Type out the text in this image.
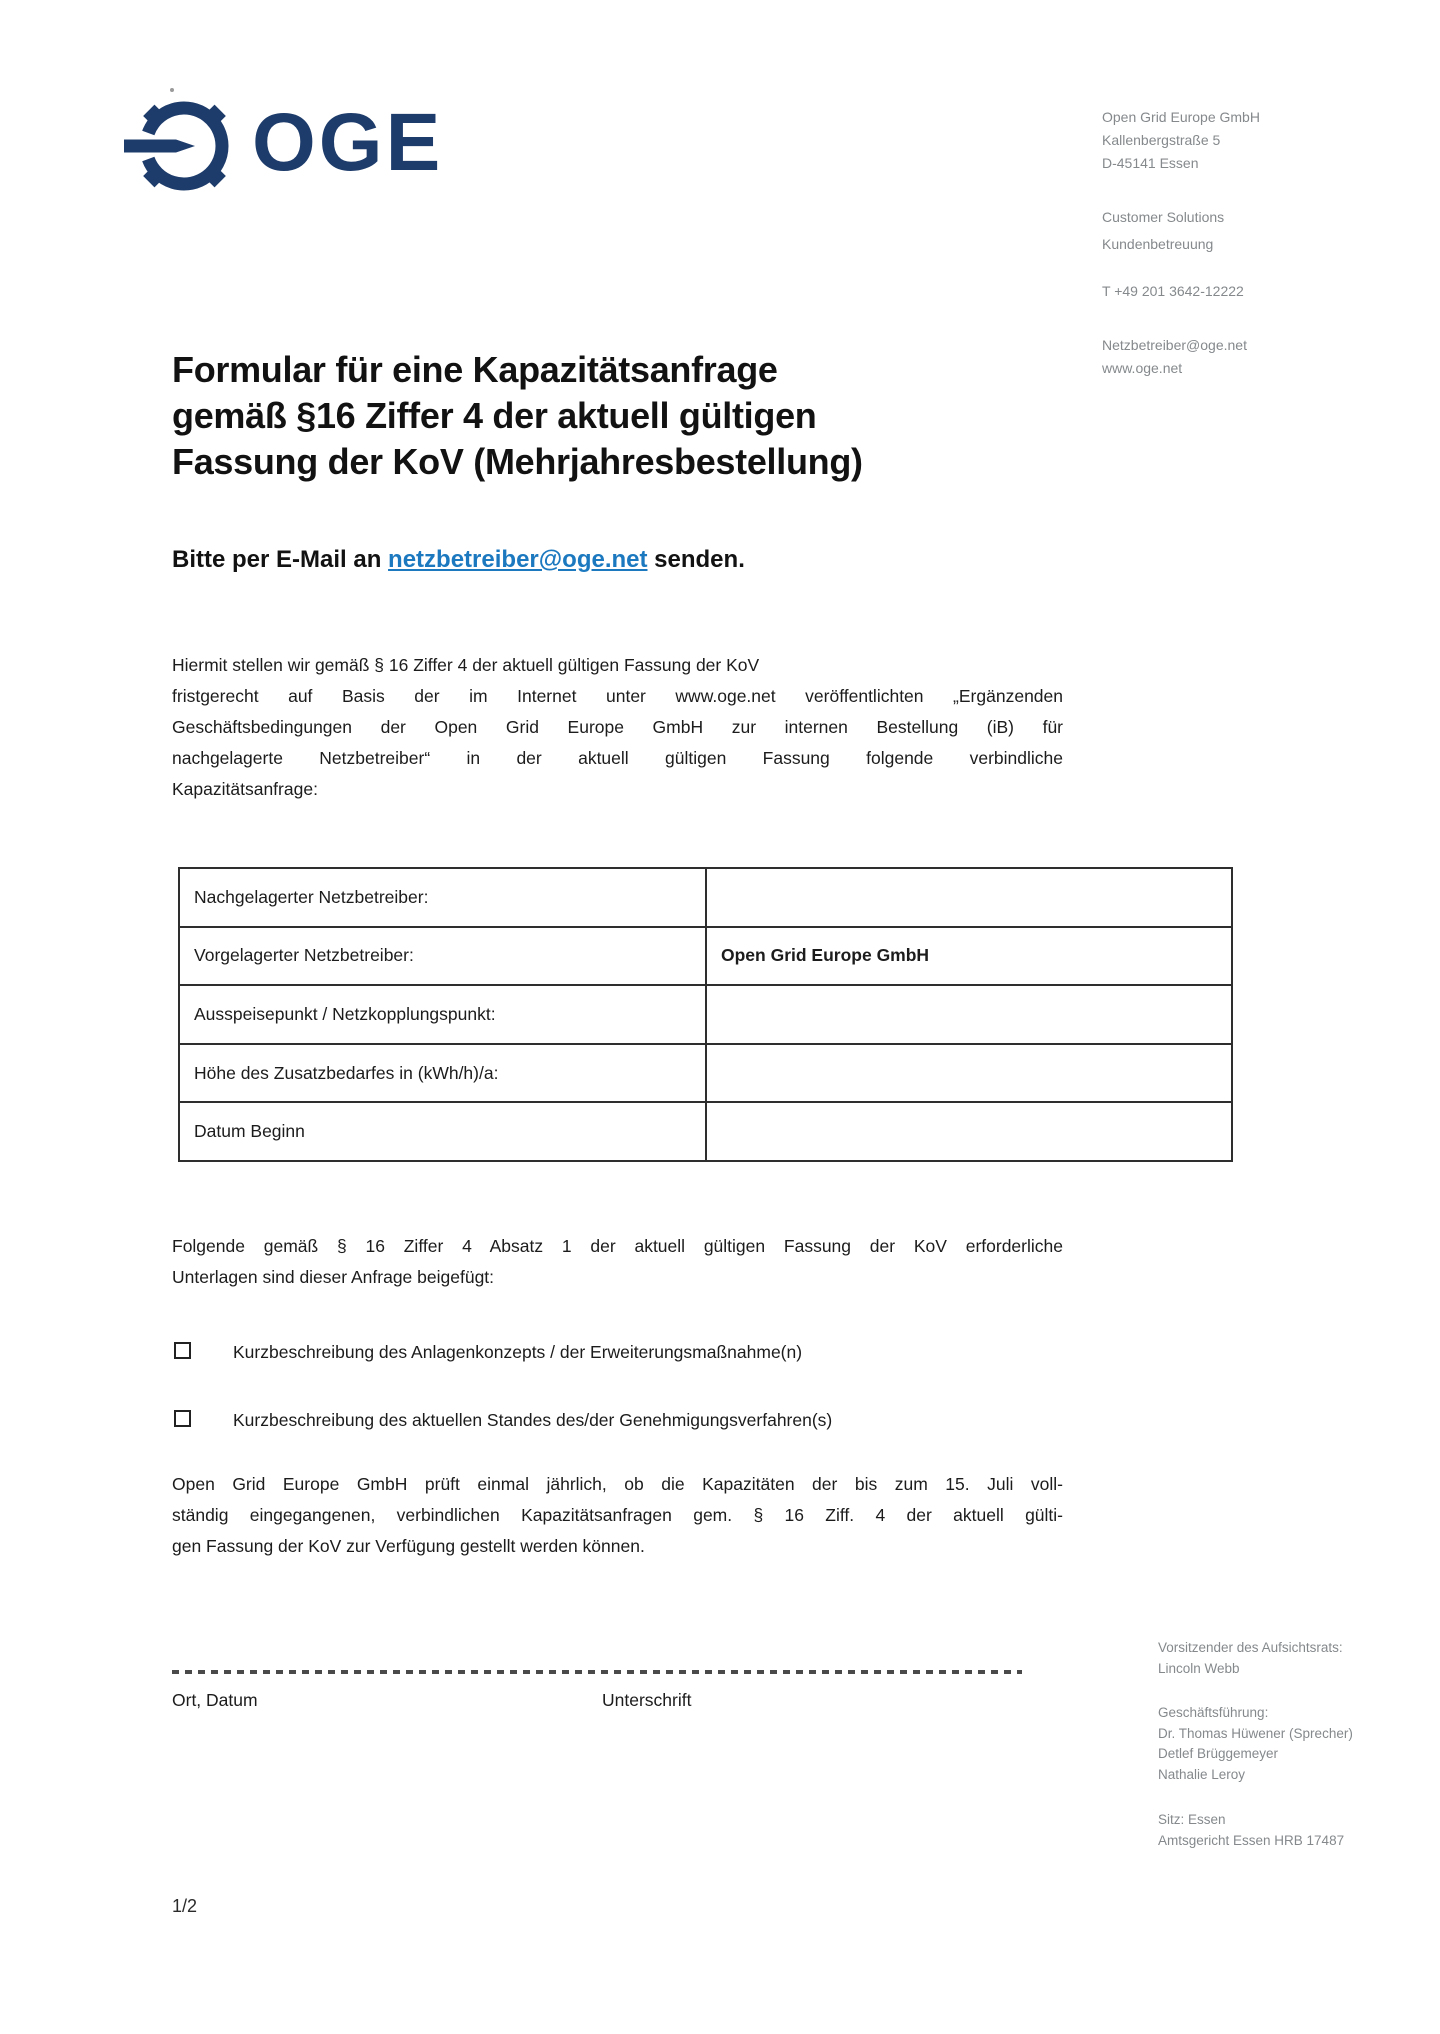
OGE	Open Grid Europe GmbH
Kallenbergstraße 5
D-45141 Essen
Customer Solutions
Kundenbetreuung
T +49 201 3642-12222
Netzbetreiber@oge.net
www.oge.net
Formular für eine Kapazitätsanfrage
gemäß §16 Ziffer 4 der aktuell gültigen
Fassung der KoV (Mehrjahresbestellung)
Bitte per E-Mail an netzbetreiber@oge.net senden.
Hiermit stellen wir gemäß § 16 Ziffer 4 der aktuell gültigen Fassung der KoV
fristgerecht auf Basis der im Internet unter www.oge.net veröffentlichten „Ergänzenden
Geschäftsbedingungen der Open Grid Europe GmbH zur internen Bestellung (iB) für
nachgelagerte Netzbetreiber“ in der aktuell gültigen Fassung folgende verbindliche
Kapazitätsanfrage:
Nachgelagerter Netzbetreiber:
Vorgelagerter Netzbetreiber:	Open Grid Europe GmbH
Ausspeisepunkt / Netzkopplungspunkt:
Höhe des Zusatzbedarfes in (kWh/h)/a:
Datum Beginn
Folgende gemäß § 16 Ziffer 4 Absatz 1 der aktuell gültigen Fassung der KoV erforderliche
Unterlagen sind dieser Anfrage beigefügt:
Kurzbeschreibung des Anlagenkonzepts / der Erweiterungsmaßnahme(n)
Kurzbeschreibung des aktuellen Standes des/der Genehmigungsverfahren(s)
Open Grid Europe GmbH prüft einmal jährlich, ob die Kapazitäten der bis zum 15. Juli voll-
ständig eingegangenen, verbindlichen Kapazitätsanfragen gem. § 16 Ziff. 4 der aktuell gülti-
gen Fassung der KoV zur Verfügung gestellt werden können.
Ort, Datum	Unterschrift
Vorsitzender des Aufsichtsrats:
Lincoln Webb
Geschäftsführung:
Dr. Thomas Hüwener (Sprecher)
Detlef Brüggemeyer
Nathalie Leroy
Sitz: Essen
Amtsgericht Essen HRB 17487
1/2
